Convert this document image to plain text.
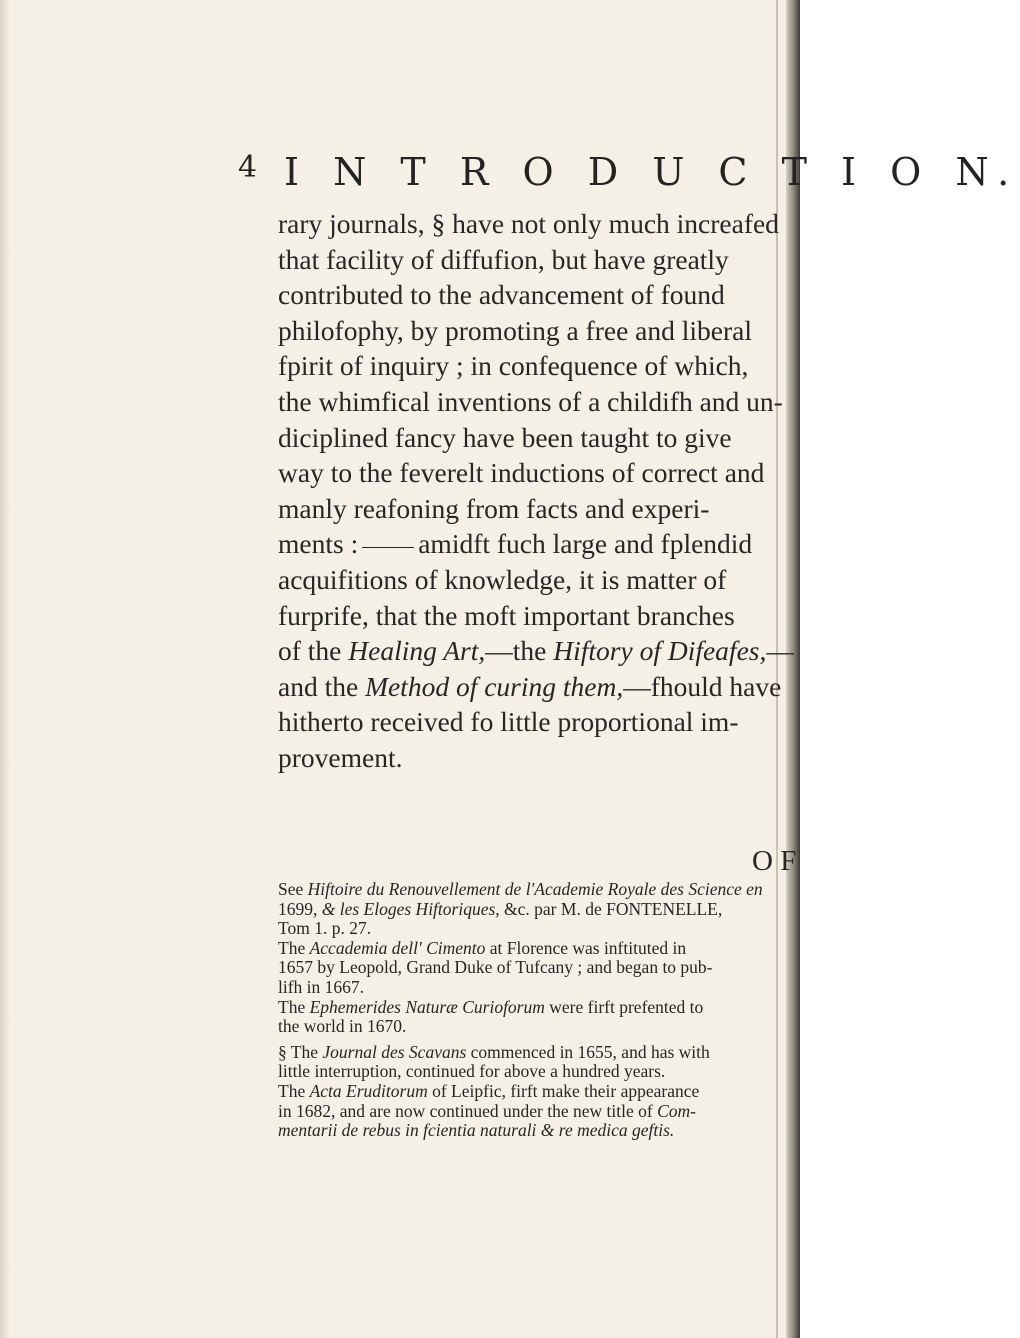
4 I N T R O D U C T I O N.
rary journals, § have not only much increafed
that facility of diffufion, but have greatly
contributed to the advancement of found
philofophy, by promoting a free and liberal
fpirit of inquiry ; in confequence of which,
the whimfical inventions of a childifh and un-
diciplined fancy have been taught to give
way to the feverelt inductions of correct and
manly reafoning from facts and experi-
ments : amidft fuch large and fplendid
acquifitions of knowledge, it is matter of
furprife, that the moft important branches
of the Healing Art,—the Hiftory of Difeafes,—
and the Method of curing them,—fhould have
hitherto received fo little proportional im-
provement.
O F
See Hiftoire du Renouvellement de l'Academie Royale des Science en
1699, & les Eloges Hiftoriques, &c. par M. de FONTENELLE,
Tom 1. p. 27.
The Accademia dell' Cimento at Florence was inftituted in
1657 by Leopold, Grand Duke of Tufcany ; and began to pub-
lifh in 1667.
The Ephemerides Naturæ Curioforum were firft prefented to
the world in 1670.
§ The Journal des Scavans commenced in 1655, and has with
little interruption, continued for above a hundred years.
The Acta Eruditorum of Leipfic, firft make their appearance
in 1682, and are now continued under the new title of Com-
mentarii de rebus in fcientia naturali & re medica geftis.
